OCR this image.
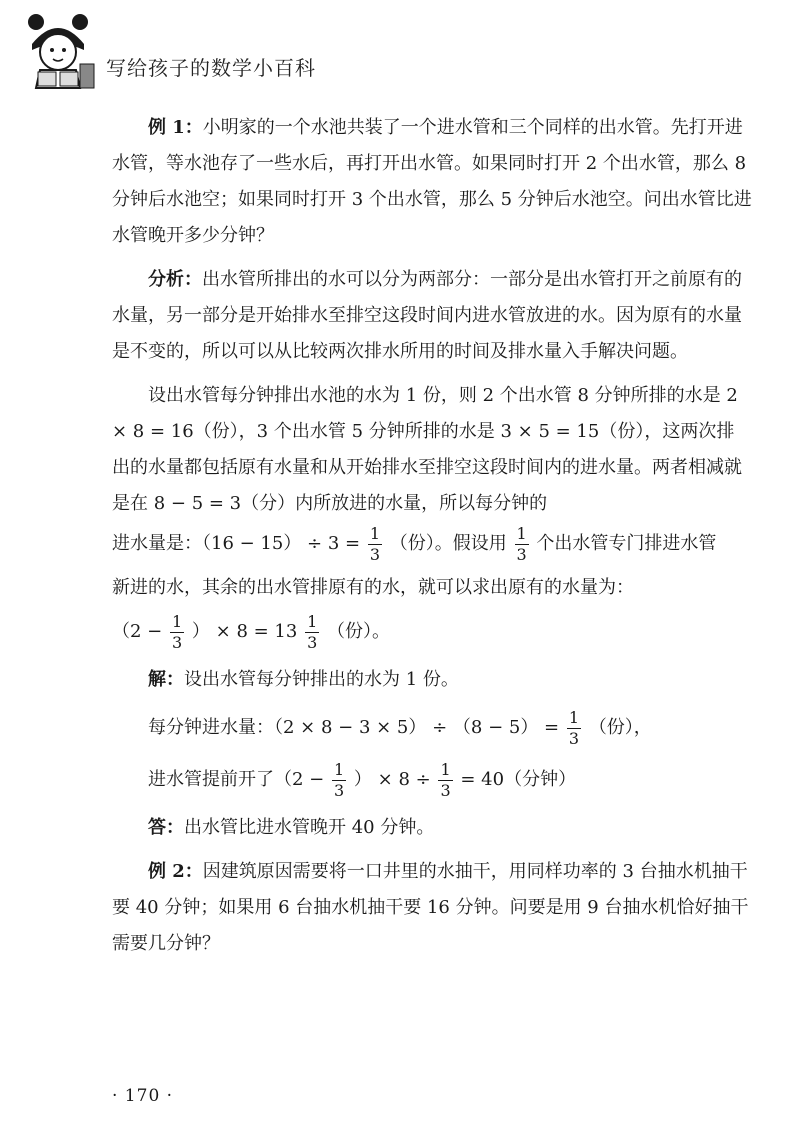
写给孩子的数学小百科

例 1：小明家的一个水池共装了一个进水管和三个同样的出水管。先打开进水管，等水池存了一些水后，再打开出水管。如果同时打开 2 个出水管，那么 8 分钟后水池空；如果同时打开 3 个出水管，那么 5 分钟后水池空。问出水管比进水管晚开多少分钟？

分析：出水管所排出的水可以分为两部分：一部分是出水管打开之前原有的水量，另一部分是开始排水至排空这段时间内进水管放进的水。因为原有的水量是不变的，所以可以从比较两次排水所用的时间及排水量入手解决问题。

设出水管每分钟排出水池的水为 1 份，则 2 个出水管 8 分钟所排的水是 2 × 8 = 16（份），3 个出水管 5 分钟所排的水是 3 × 5 = 15（份），这两次排出的水量都包括原有水量和从开始排水至排空这段时间内的进水量。两者相减就是在 8 − 5 = 3（分）内所放进的水量，所以每分钟的

进水量是：$(16 - 15) \div 3 = \frac{1}{3}$ （份）。假设用 $\frac{1}{3}$ 个出水管专门排进水管

新进的水，其余的出水管排原有的水，就可以求出原有的水量为：

（$2 - \frac{1}{3}$ ） × $8 = 13 \frac{1}{3}$ （份）。

解：设出水管每分钟排出的水为 1 份。

每分钟进水量：$(2 \times 8 - 3 \times 5) \div (8 - 5) = \frac{1}{3}$ （份），

进水管提前开了（$2 - \frac{1}{3}$ ） × $8 \div \frac{1}{3} = 40$（分钟）

答：出水管比进水管晚开 40 分钟。

例 2：因建筑原因需要将一口井里的水抽干，用同样功率的 3 台抽水机抽干要 40 分钟；如果用 6 台抽水机抽干要 16 分钟。问要是用 9 台抽水机恰好抽干需要几分钟？

· 170 ·
